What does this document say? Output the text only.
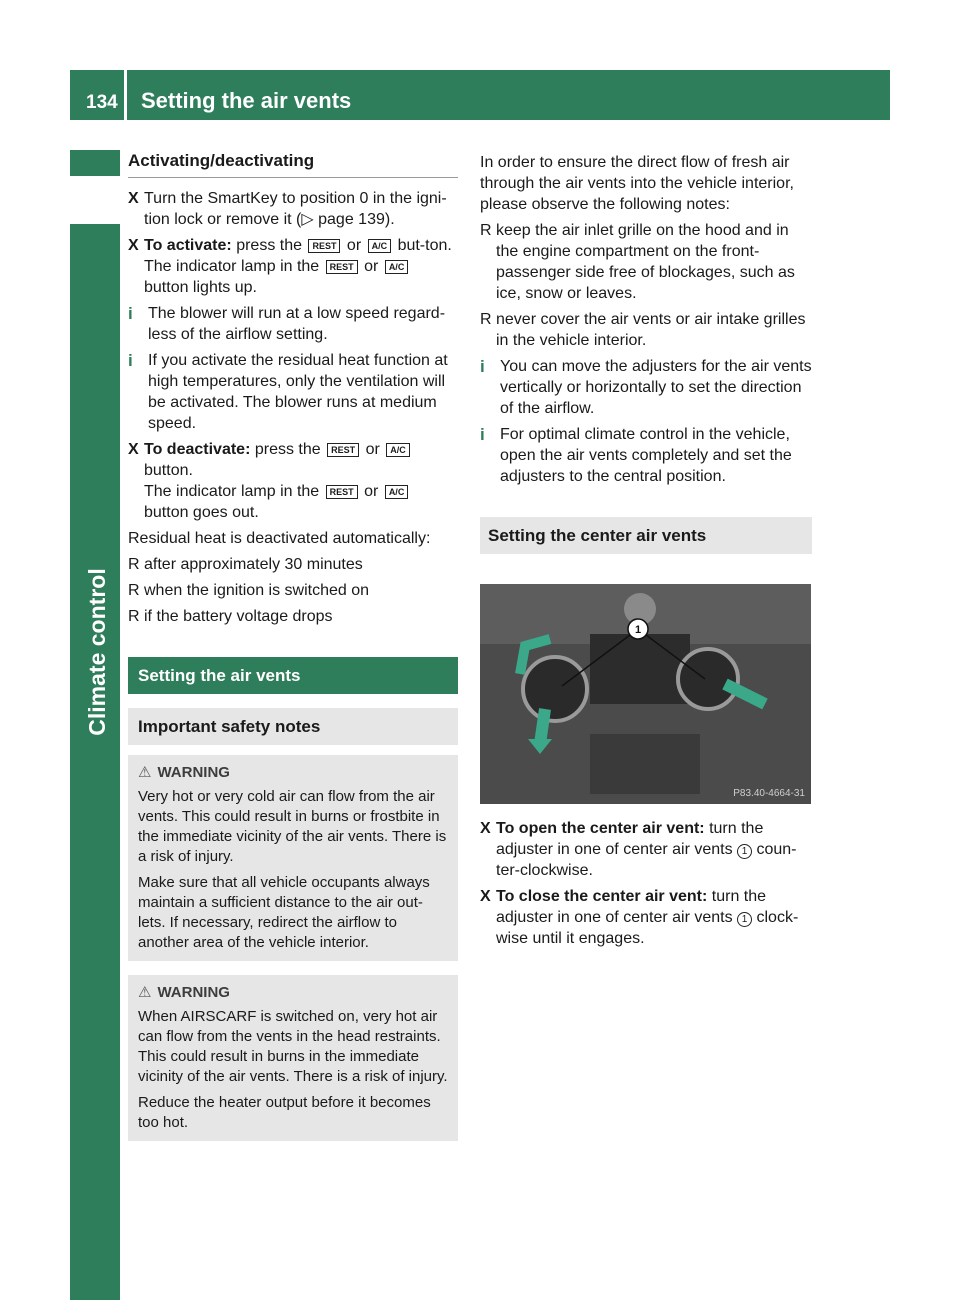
134 Setting the air vents
Climate control
Activating/deactivating
X Turn the SmartKey to position 0 in the igni-tion lock or remove it (▷ page 139).
X To activate: press the REST or A/C but-ton.
The indicator lamp in the REST or A/C
button lights up.
i The blower will run at a low speed regard-less of the airflow setting.
i If you activate the residual heat function at high temperatures, only the ventilation will be activated. The blower runs at medium speed.
X To deactivate: press the REST or A/C
button.
The indicator lamp in the REST or A/C
button goes out.
Residual heat is deactivated automatically:
R after approximately 30 minutes
R when the ignition is switched on
R if the battery voltage drops
Setting the air vents
Important safety notes
⚠ WARNING
Very hot or very cold air can flow from the air vents. This could result in burns or frostbite in the immediate vicinity of the air vents. There is a risk of injury.
Make sure that all vehicle occupants always maintain a sufficient distance to the air out-lets. If necessary, redirect the airflow to another area of the vehicle interior.
⚠ WARNING
When AIRSCARF is switched on, very hot air can flow from the vents in the head restraints. This could result in burns in the immediate vicinity of the air vents. There is a risk of injury.
Reduce the heater output before it becomes too hot.
In order to ensure the direct flow of fresh air through the air vents into the vehicle interior, please observe the following notes:
R keep the air inlet grille on the hood and in the engine compartment on the front-passenger side free of blockages, such as ice, snow or leaves.
R never cover the air vents or air intake grilles in the vehicle interior.
i You can move the adjusters for the air vents vertically or horizontally to set the direction of the airflow.
i For optimal climate control in the vehicle, open the air vents completely and set the adjusters to the central position.
Setting the center air vents
1
P83.40-4664-31
X To open the center air vent: turn the adjuster in one of center air vents 1 coun-ter-clockwise.
X To close the center air vent: turn the adjuster in one of center air vents 1 clock-wise until it engages.
